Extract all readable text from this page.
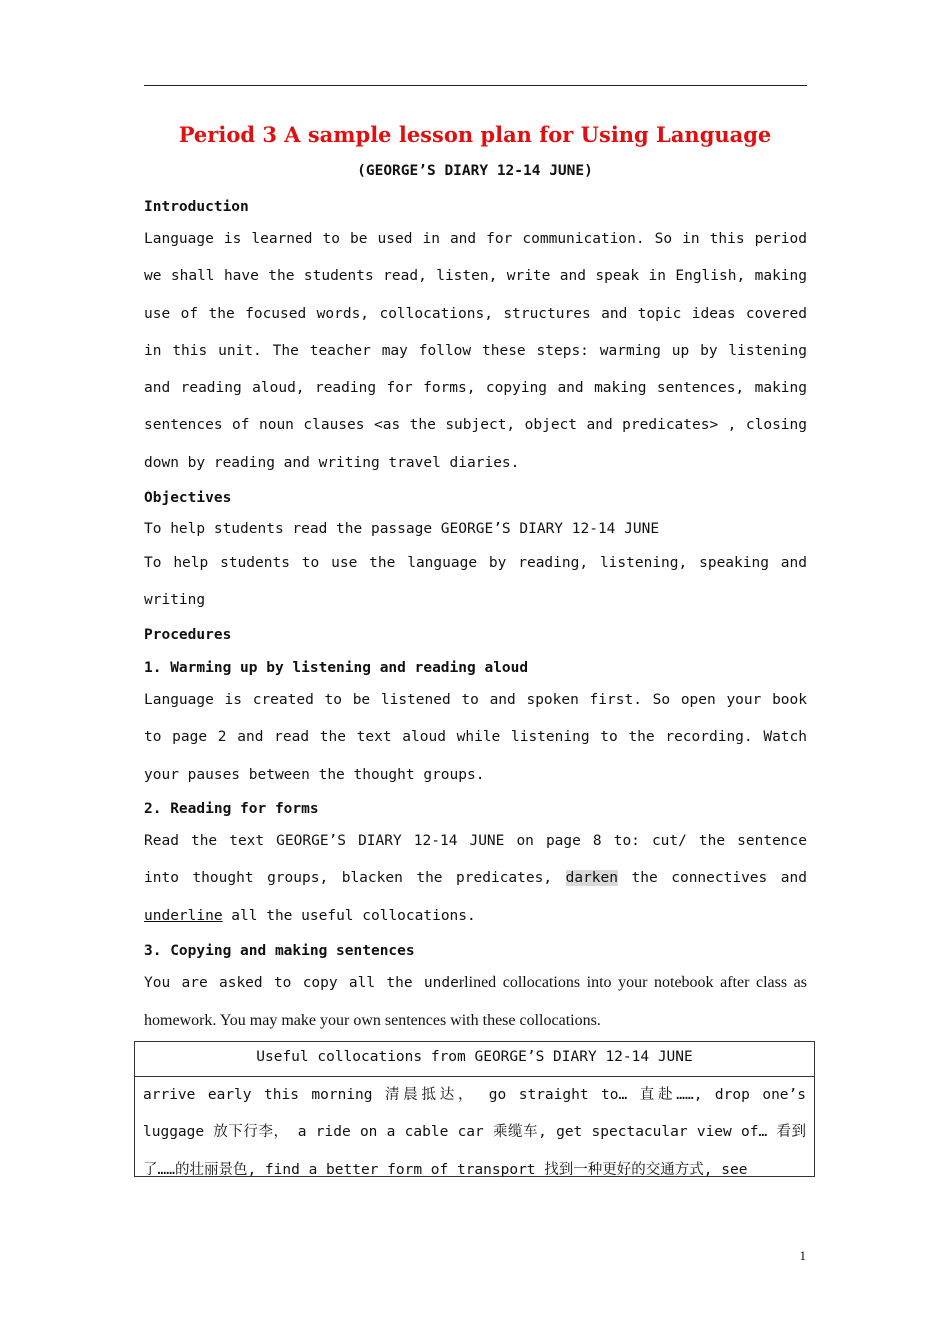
Period 3 A sample lesson plan for Using Language
(GEORGE’S DIARY 12-14 JUNE)
Introduction
Language is learned to be used in and for communication. So in this period we shall have the students read, listen, write and speak in English, making use of the focused words, collocations, structures and topic ideas covered in this unit. The teacher may follow these steps: warming up by listening and reading aloud, reading for forms, copying and making sentences, making sentences of noun clauses <as the subject, object and predicates> , closing down by reading and writing travel diaries.
Objectives
To help students read the passage GEORGE’S DIARY 12-14 JUNE
To help students to use the language by reading, listening, speaking and writing
Procedures
1. Warming up by listening and reading aloud
Language is created to be listened to and spoken first. So open your book to page 2 and read the text aloud while listening to the recording. Watch your pauses between the thought groups.
2. Reading for forms
Read the text GEORGE’S DIARY 12-14 JUNE on page 8 to: cut/ the sentence into thought groups, blacken the predicates, darken the connectives and underline all the useful collocations.
3. Copying and making sentences
You are asked to copy all the underlined collocations into your notebook after class as homework. You may make your own sentences with these collocations.
Useful collocations from GEORGE’S DIARY 12-14 JUNE
arrive early this morning 清晨抵达， go straight to… 直赴……, drop one’s luggage 放下行李， a ride on a cable car 乘缆车, get spectacular view of… 看到了……的壮丽景色, find a better form of transport 找到一种更好的交通方式, see
1
